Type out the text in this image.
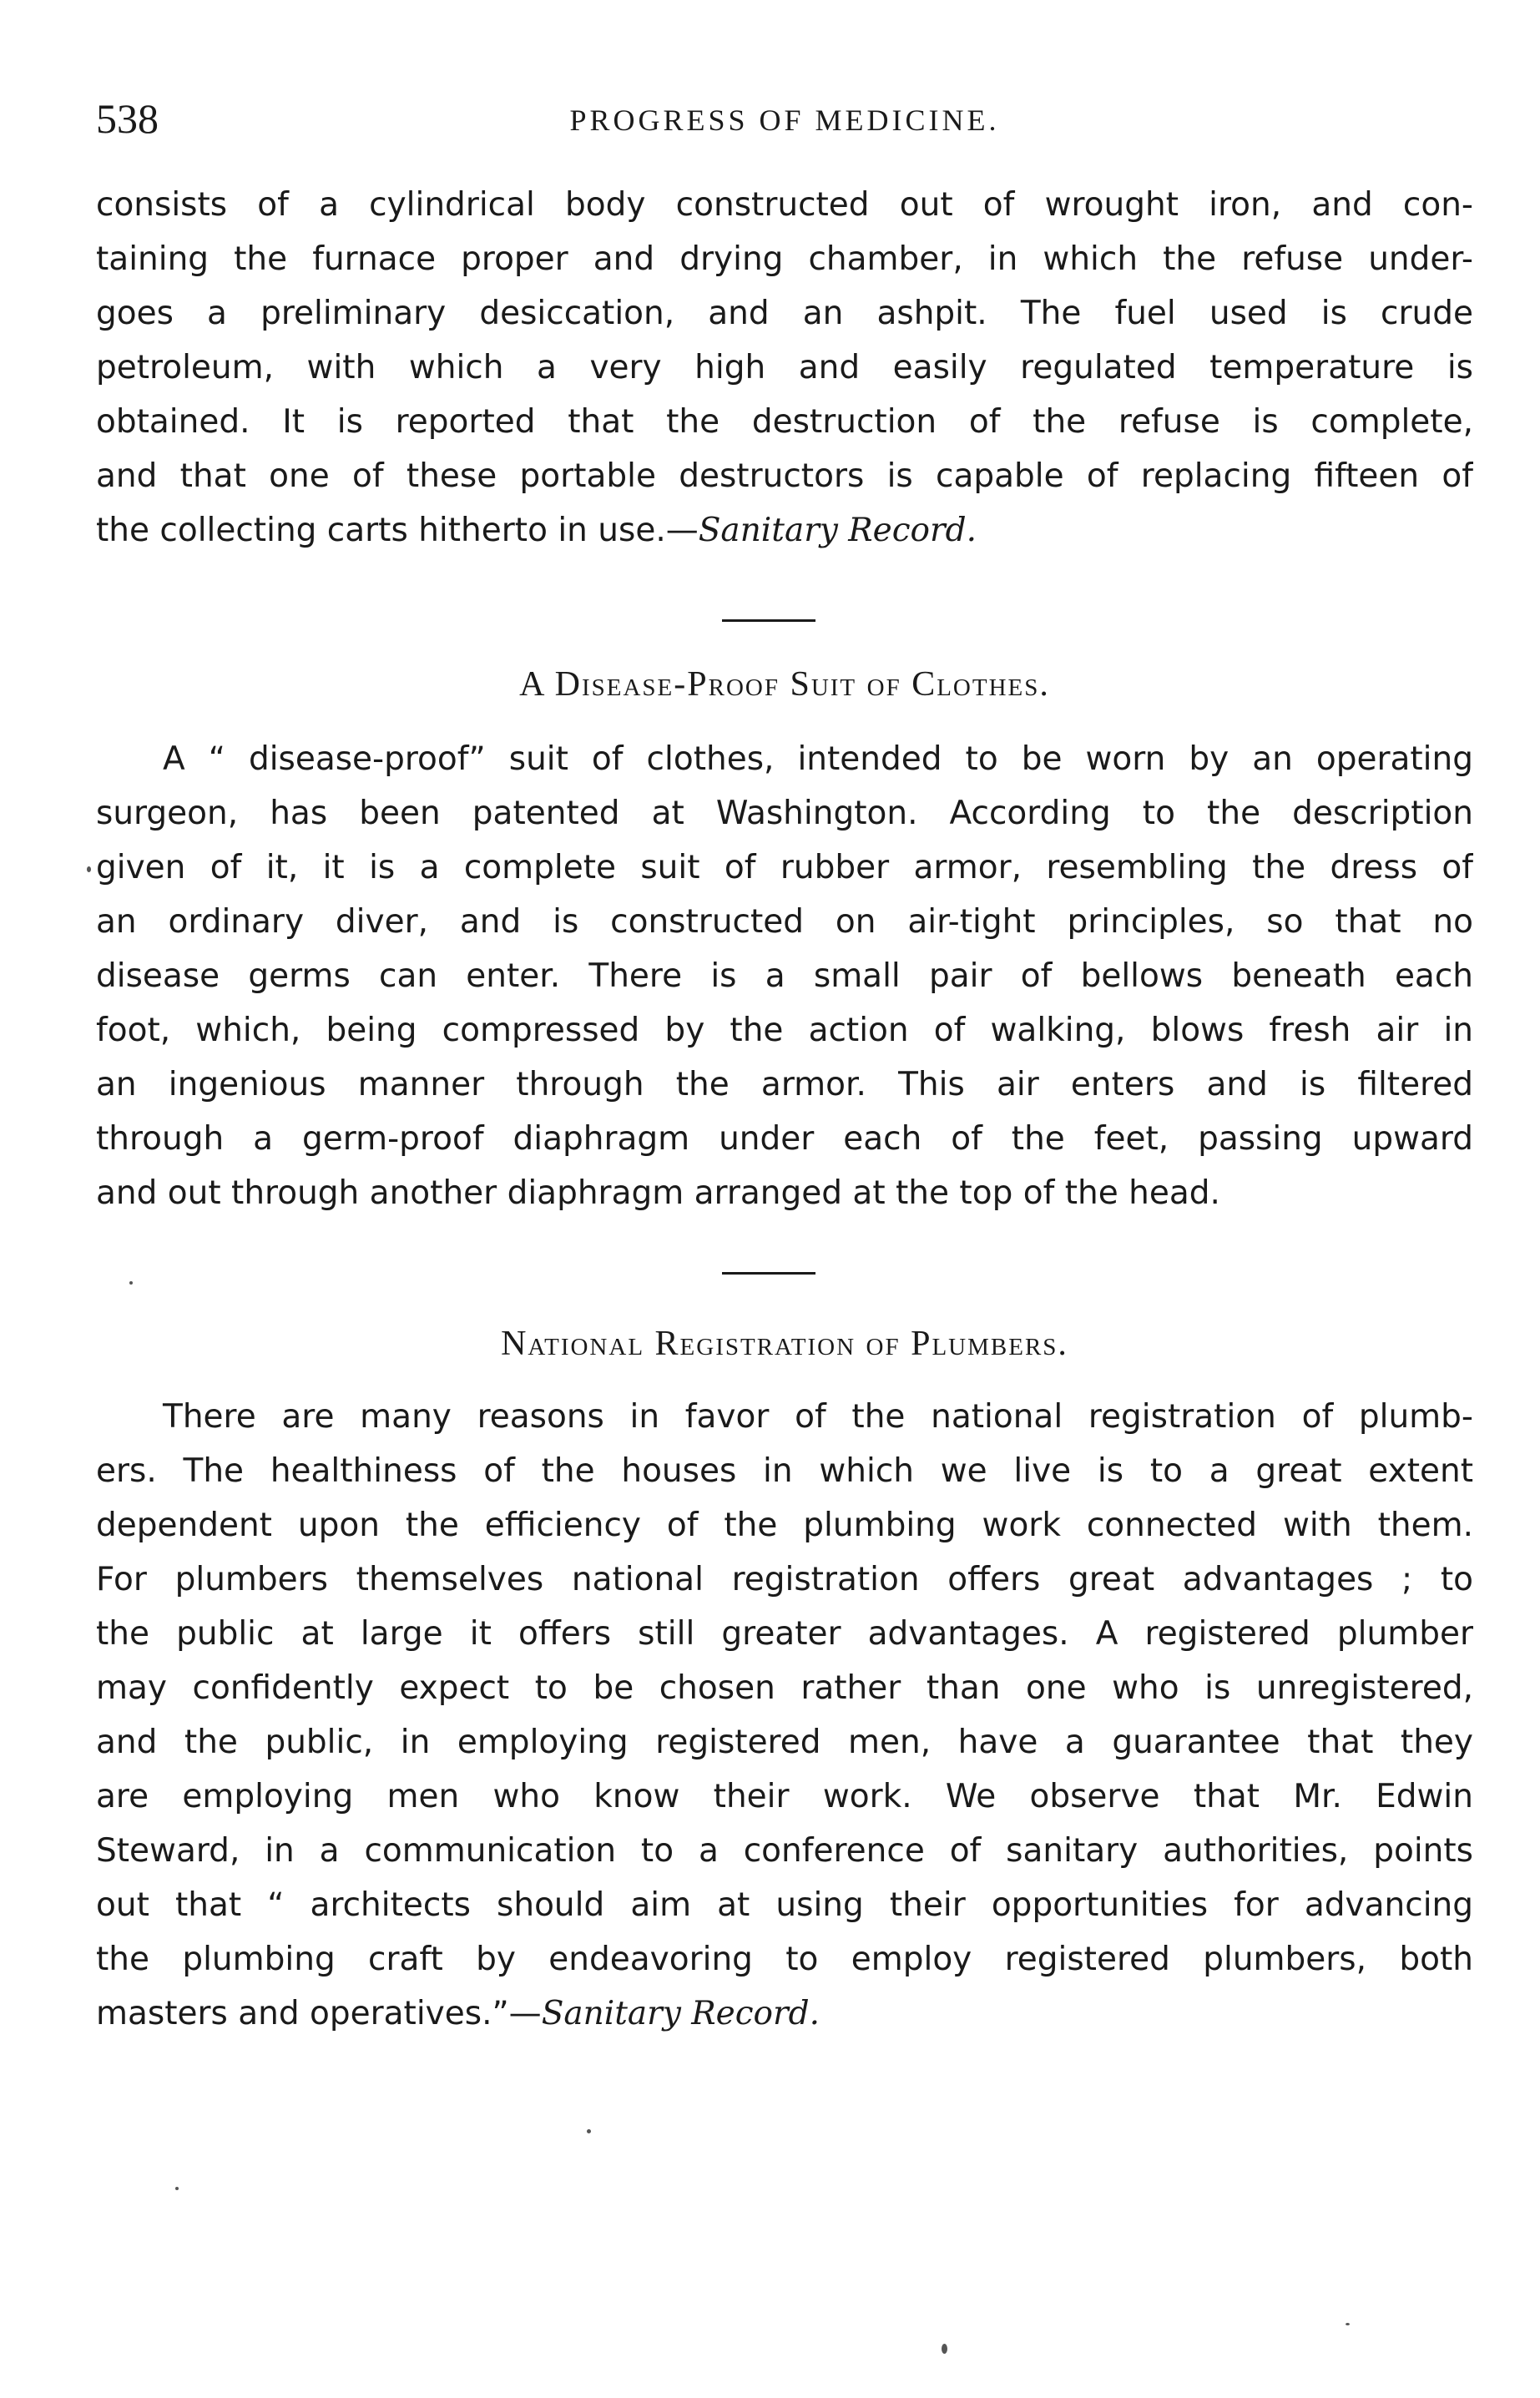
538	PROGRESS OF MEDICINE.
consists of a cylindrical body constructed out of wrought iron, and con-
taining the furnace proper and drying chamber, in which the refuse under-
goes a preliminary desiccation, and an ashpit. The fuel used is crude
petroleum, with which a very high and easily regulated temperature is
obtained. It is reported that the destruction of the refuse is complete,
and that one of these portable destructors is capable of replacing fifteen of
the collecting carts hitherto in use.—Sanitary Record.
A Disease-Proof Suit of Clothes.
A “ disease-proof” suit of clothes, intended to be worn by an operating
surgeon, has been patented at Washington. According to the description
given of it, it is a complete suit of rubber armor, resembling the dress of
an ordinary diver, and is constructed on air-tight principles, so that no
disease germs can enter. There is a small pair of bellows beneath each
foot, which, being compressed by the action of walking, blows fresh air in
an ingenious manner through the armor. This air enters and is filtered
through a germ-proof diaphragm under each of the feet, passing upward
and out through another diaphragm arranged at the top of the head.
National Registration of Plumbers.
There are many reasons in favor of the national registration of plumb-
ers. The healthiness of the houses in which we live is to a great extent
dependent upon the efficiency of the plumbing work connected with them.
For plumbers themselves national registration offers great advantages ; to
the public at large it offers still greater advantages. A registered plumber
may confidently expect to be chosen rather than one who is unregistered,
and the public, in employing registered men, have a guarantee that they
are employing men who know their work. We observe that Mr. Edwin
Steward, in a communication to a conference of sanitary authorities, points
out that “ architects should aim at using their opportunities for advancing
the plumbing craft by endeavoring to employ registered plumbers, both
masters and operatives.”—Sanitary Record.
